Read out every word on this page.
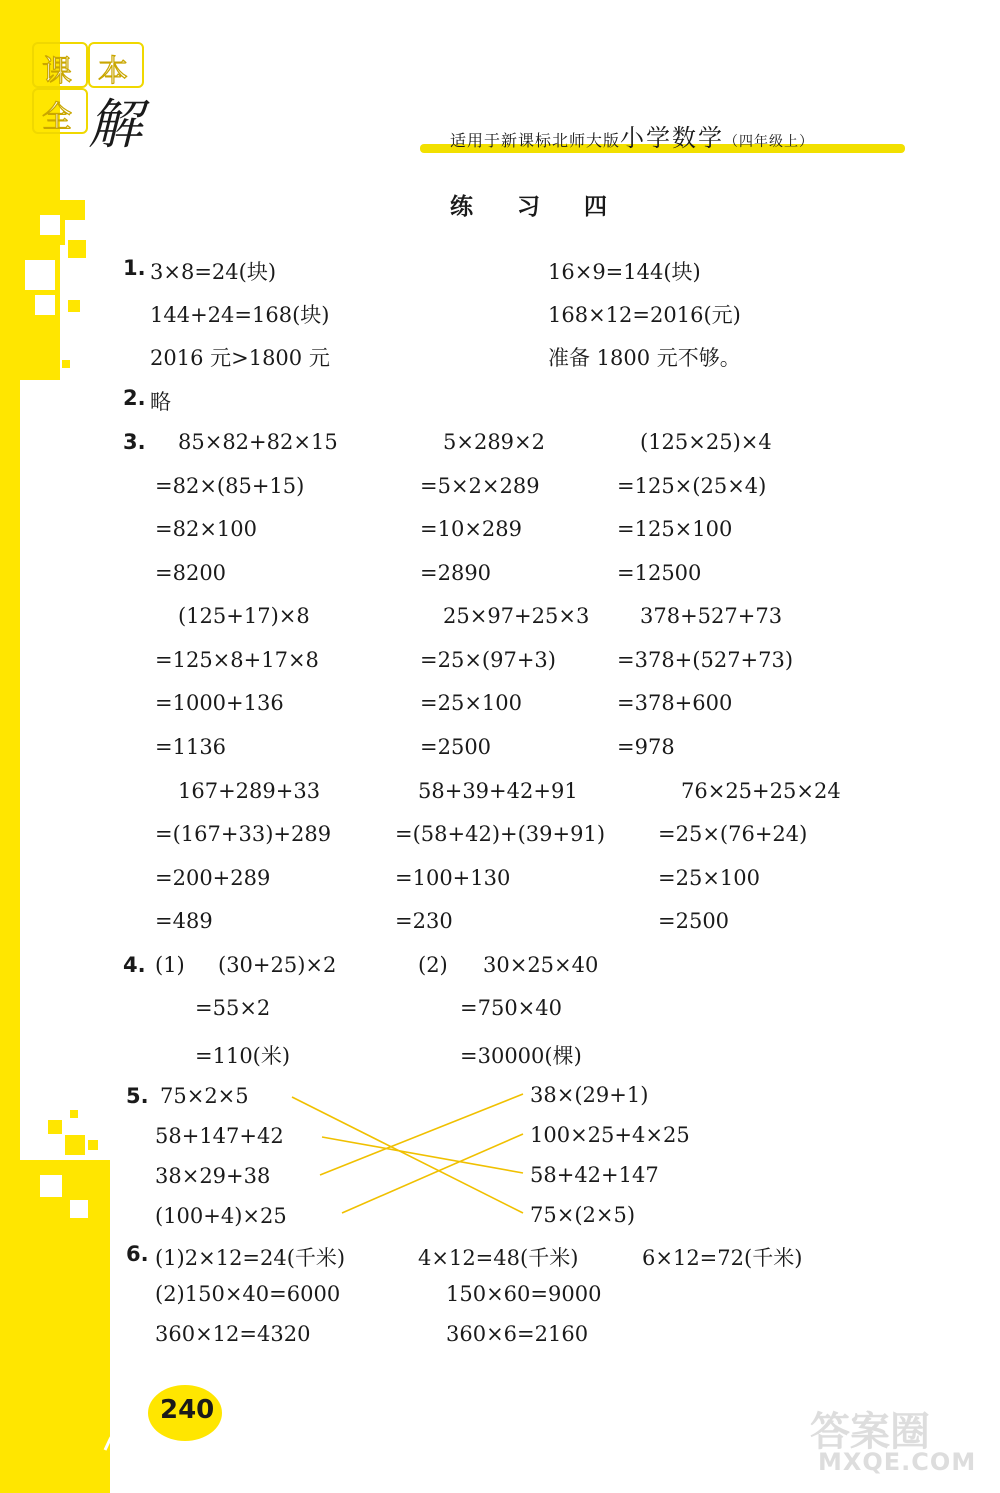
课 本
全 解	适用于新课标北师大版小学数学（四年级上）
练 习 四
1. 3×8=24(块)	16×9=144(块)
144+24=168(块)	168×12=2016(元)
2016 元>1800 元	准备 1800 元不够。
2. 略
3. 85×82+82×15
=82×(85+15)
=82×100
=8200
5×289×2
=5×2×289
=10×289
=2890
(125×25)×4
=125×(25×4)
=125×100
=12500
(125+17)×8
=125×8+17×8
=1000+136
=1136
25×97+25×3
=25×(97+3)
=25×100
=2500
378+527+73
=378+(527+73)
=378+600
=978
167+289+33
=(167+33)+289
=200+289
=489
58+39+42+91
=(58+42)+(39+91)
=100+130
=230
76×25+25×24
=25×(76+24)
=25×100
=2500
4. (1) (30+25)×2
=55×2
=110(米)
(2) 30×25×40
=750×40
=30000(棵)
5. 75×2×5
58+147+42
38×29+38
(100+4)×25
38×(29+1)
100×25+4×25
58+42+147
75×(2×5)
6. (1)2×12=24(千米)	4×12=48(千米)	6×12=72(千米)
(2)150×40=6000	150×60=9000
360×12=4320	360×6=2160
240	答案圈
MXQE.COM
